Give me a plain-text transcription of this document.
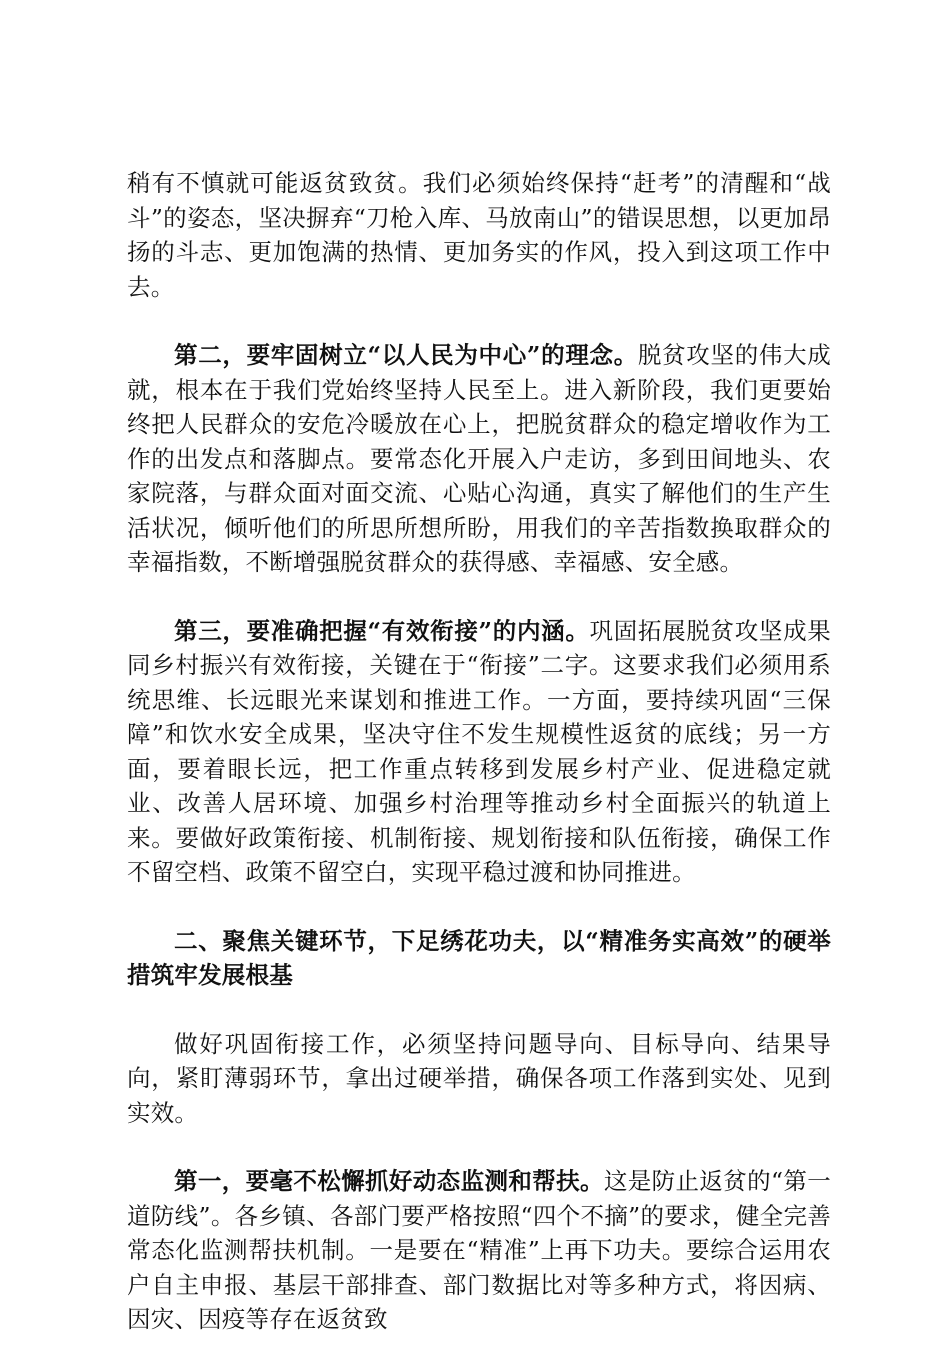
稍有不慎就可能返贫致贫。我们必须始终保持“赶考”的清醒和“战斗”的姿态，坚决摒弃“刀枪入库、马放南山”的错误思想，以更加昂扬的斗志、更加饱满的热情、更加务实的作风，投入到这项工作中去。

第二，要牢固树立“以人民为中心”的理念。脱贫攻坚的伟大成就，根本在于我们党始终坚持人民至上。进入新阶段，我们更要始终把人民群众的安危冷暖放在心上，把脱贫群众的稳定增收作为工作的出发点和落脚点。要常态化开展入户走访，多到田间地头、农家院落，与群众面对面交流、心贴心沟通，真实了解他们的生产生活状况，倾听他们的所思所想所盼，用我们的辛苦指数换取群众的幸福指数，不断增强脱贫群众的获得感、幸福感、安全感。

第三，要准确把握“有效衔接”的内涵。巩固拓展脱贫攻坚成果同乡村振兴有效衔接，关键在于“衔接”二字。这要求我们必须用系统思维、长远眼光来谋划和推进工作。一方面，要持续巩固“三保障”和饮水安全成果，坚决守住不发生规模性返贫的底线；另一方面，要着眼长远，把工作重点转移到发展乡村产业、促进稳定就业、改善人居环境、加强乡村治理等推动乡村全面振兴的轨道上来。要做好政策衔接、机制衔接、规划衔接和队伍衔接，确保工作不留空档、政策不留空白，实现平稳过渡和协同推进。

二、聚焦关键环节，下足绣花功夫，以“精准务实高效”的硬举措筑牢发展根基

做好巩固衔接工作，必须坚持问题导向、目标导向、结果导向，紧盯薄弱环节，拿出过硬举措，确保各项工作落到实处、见到实效。

第一，要毫不松懈抓好动态监测和帮扶。这是防止返贫的“第一道防线”。各乡镇、各部门要严格按照“四个不摘”的要求，健全完善常态化监测帮扶机制。一是要在“精准”上再下功夫。要综合运用农户自主申报、基层干部排查、部门数据比对等多种方式，将因病、因灾、因疫等存在返贫致
